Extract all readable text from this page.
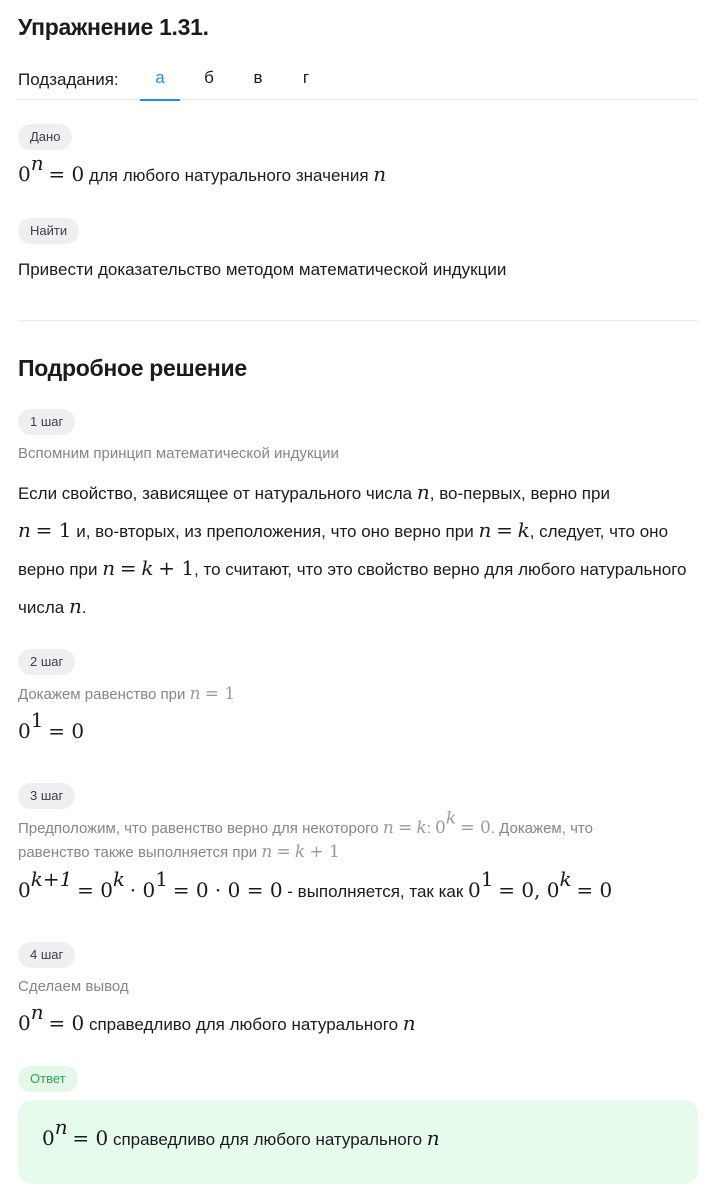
Упражнение 1.31.
Подзадания:	а	б	в	г
Дано
$0^n = 0$ для любого натурального значения n
Найти
Привести доказательство методом математической индукции
Подробное решение
1 шаг
Вспомним принцип математической индукции
Если свойство, зависящее от натурального числа n, во-первых, верно при
n = 1 и, во-вторых, из преположения, что оно верно при n = k, следует, что оно верно при n = k + 1, то считают, что это свойство верно для любого натурального числа n.
2 шаг
Докажем равенство при n = 1
$0^1 = 0$
3 шаг
Предположим, что равенство верно для некоторого n = k: $0^k = 0$. Докажем, что
равенство также выполняется при n = k + 1
$0^{k+1} = 0^k \cdot 0^1 = 0 \cdot 0 = 0$ - выполняется, так как $0^1 = 0$, $0^k = 0$
4 шаг
Сделаем вывод
$0^n = 0$ справедливо для любого натурального n
Ответ
$0^n = 0$ справедливо для любого натурального n
